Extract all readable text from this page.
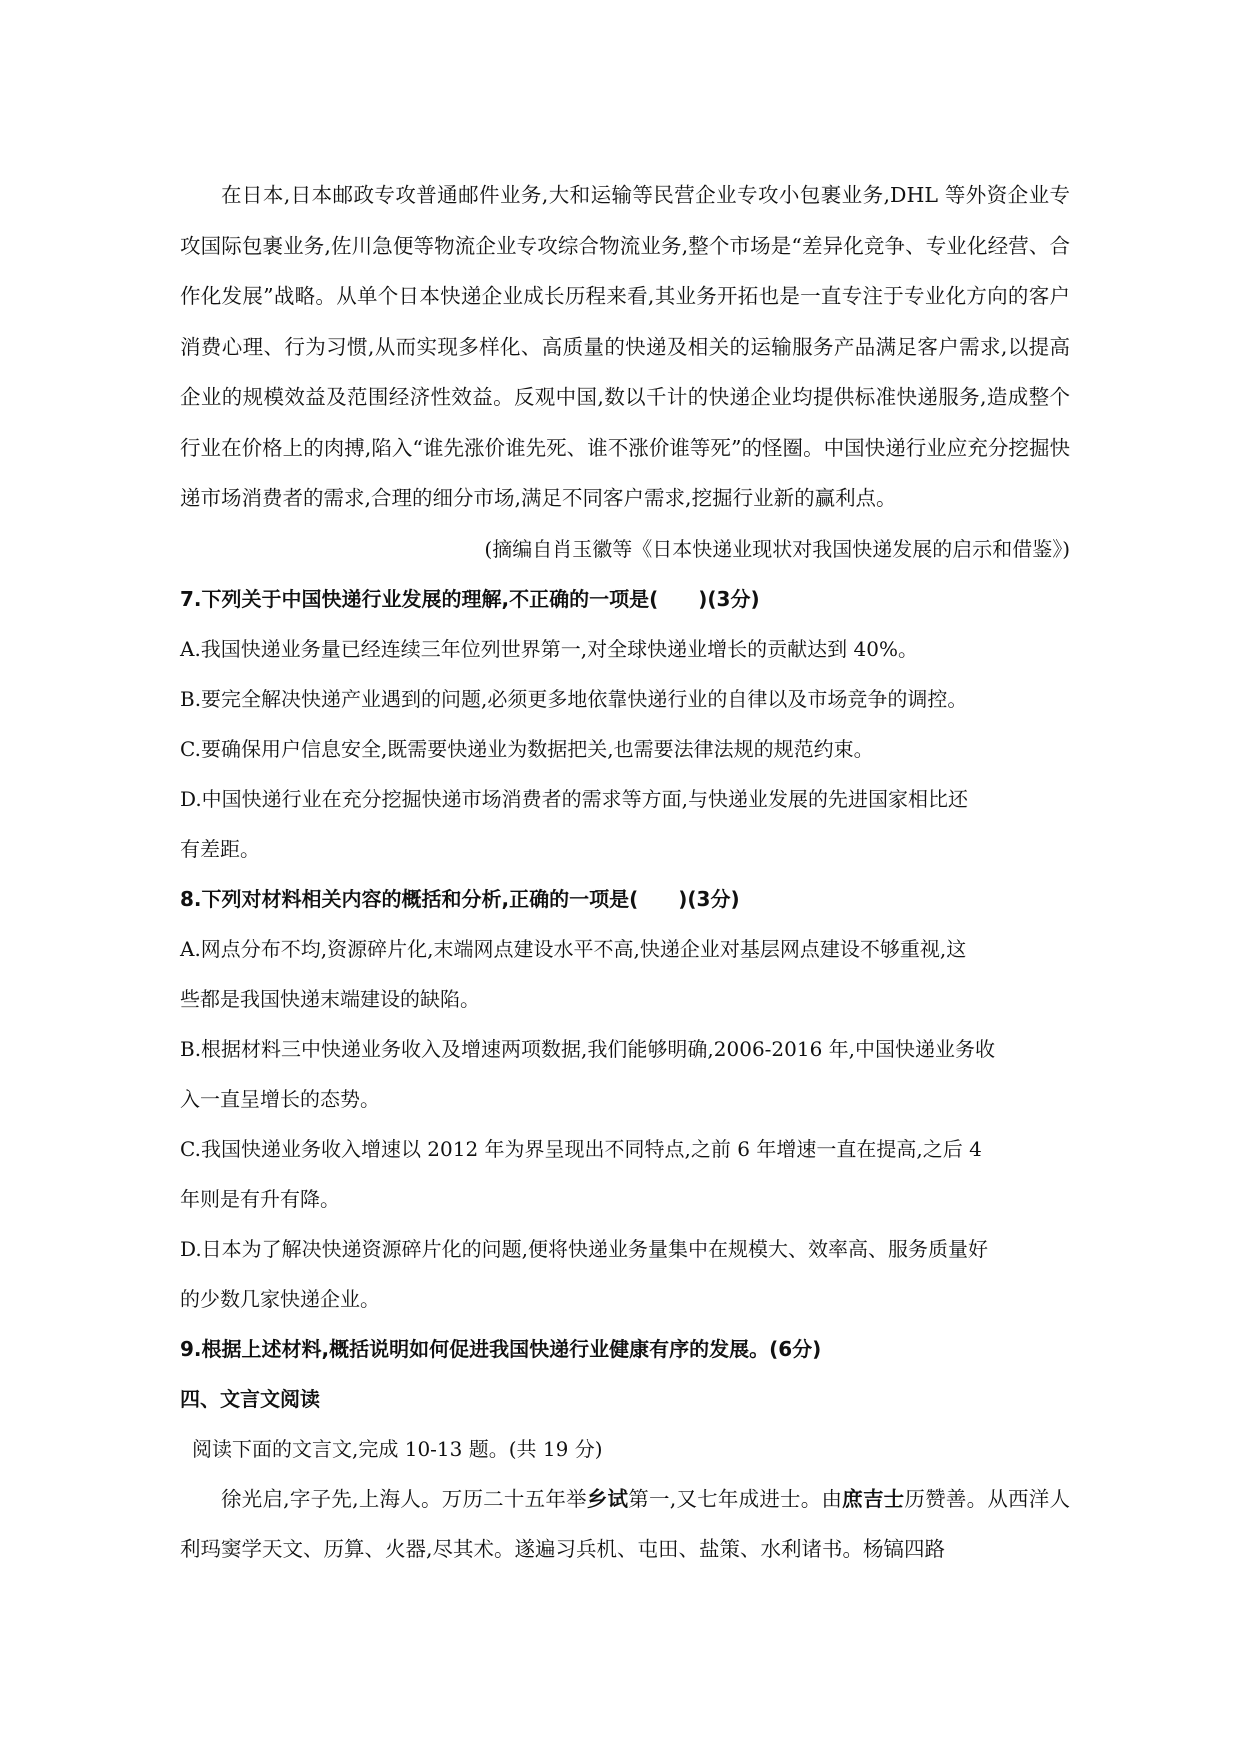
在日本,日本邮政专攻普通邮件业务,大和运输等民营企业专攻小包裹业务,DHL 等外资企业专攻国际包裹业务,佐川急便等物流企业专攻综合物流业务,整个市场是“差异化竞争、专业化经营、合作化发展”战略。从单个日本快递企业成长历程来看,其业务开拓也是一直专注于专业化方向的客户消费心理、行为习惯,从而实现多样化、高质量的快递及相关的运输服务产品满足客户需求,以提高企业的规模效益及范围经济性效益。反观中国,数以千计的快递企业均提供标准快递服务,造成整个行业在价格上的肉搏,陷入“谁先涨价谁先死、谁不涨价谁等死”的怪圈。中国快递行业应充分挖掘快递市场消费者的需求,合理的细分市场,满足不同客户需求,挖掘行业新的赢利点。

(摘编自肖玉徽等《日本快递业现状对我国快递发展的启示和借鉴》)

7.下列关于中国快递行业发展的理解,不正确的一项是(　　)(3分)

A.我国快递业务量已经连续三年位列世界第一,对全球快递业增长的贡献达到 40%。

B.要完全解决快递产业遇到的问题,必须更多地依靠快递行业的自律以及市场竞争的调控。

C.要确保用户信息安全,既需要快递业为数据把关,也需要法律法规的规范约束。

D.中国快递行业在充分挖掘快递市场消费者的需求等方面,与快递业发展的先进国家相比还

有差距。

8.下列对材料相关内容的概括和分析,正确的一项是(　　)(3分)

A.网点分布不均,资源碎片化,末端网点建设水平不高,快递企业对基层网点建设不够重视,这

些都是我国快递末端建设的缺陷。

B.根据材料三中快递业务收入及增速两项数据,我们能够明确,2006-2016 年,中国快递业务收

入一直呈增长的态势。

C.我国快递业务收入增速以 2012 年为界呈现出不同特点,之前 6 年增速一直在提高,之后 4

年则是有升有降。

D.日本为了解决快递资源碎片化的问题,便将快递业务量集中在规模大、效率高、服务质量好

的少数几家快递企业。

9.根据上述材料,概括说明如何促进我国快递行业健康有序的发展。(6分)

四、文言文阅读

阅读下面的文言文,完成 10-13 题。(共 19 分)

徐光启,字子先,上海人。万历二十五年举乡试第一,又七年成进士。由庶吉士历赞善。从西洋人利玛窦学天文、历算、火器,尽其术。遂遍习兵机、屯田、盐策、水利诸书。杨镐四路
